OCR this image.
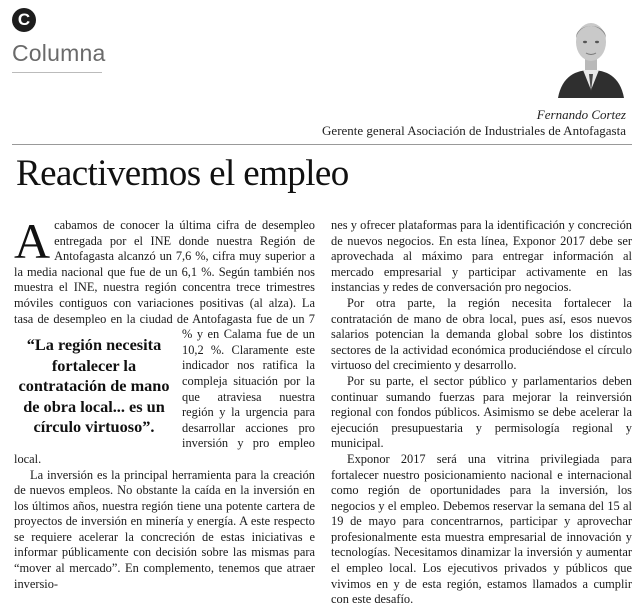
C
Columna
Fernando Cortez
Gerente general Asociación de Industriales de Antofagasta
Reactivemos el empleo

Acabamos de conocer la última cifra de desempleo entregada por el INE donde nuestra Región de Antofagasta alcanzó un 7,6 %, cifra muy superior a la media nacional que fue de un 6,1 %. Según también nos muestra el INE, nuestra región concentra trece trimestres móviles contiguos con variaciones positivas (al alza). La tasa de desempleo en la ciudad de Antofagasta fue de un 7 % y en Calama
“La región necesita fortalecer la contratación de mano de obra local... es un círculo virtuoso”.
fue de un 10,2 %. Claramente este indicador nos ratifica la compleja situación por la que atraviesa nuestra región y la urgencia para desarrollar acciones pro inversión y pro empleo local.

La inversión es la principal herramienta para la creación de nuevos empleos. No obstante la caída en la inversión en los últimos años, nuestra región tiene una potente cartera de proyectos de inversión en minería y energía. A este respecto se requiere acelerar la concreción de estas iniciativas e informar públicamente con decisión sobre las mismas para “mover al mercado”. En complemento, tenemos que atraer inversio-

nes y ofrecer plataformas para la identificación y concreción de nuevos negocios. En esta línea, Exponor 2017 debe ser aprovechada al máximo para entregar información al mercado empresarial y participar activamente en las instancias y redes de conversación pro negocios.

Por otra parte, la región necesita fortalecer la contratación de mano de obra local, pues así, esos nuevos salarios potencian la demanda global sobre los distintos sectores de la actividad económica produciéndose el círculo virtuoso del crecimiento y desarrollo.

Por su parte, el sector público y parlamentarios deben continuar sumando fuerzas para mejorar la reinversión regional con fondos públicos. Asimismo se debe acelerar la ejecución presupuestaria y permisología regional y municipal.

Exponor 2017 será una vitrina privilegiada para fortalecer nuestro posicionamiento nacional e internacional como región de oportunidades para la inversión, los negocios y el empleo. Debemos reservar la semana del 15 al 19 de mayo para concentrarnos, participar y aprovechar profesionalmente esta muestra empresarial de innovación y tecnologías. Necesitamos dinamizar la inversión y aumentar el empleo local. Los ejecutivos privados y públicos que vivimos en y de esta región, estamos llamados a cumplir con este desafío.
